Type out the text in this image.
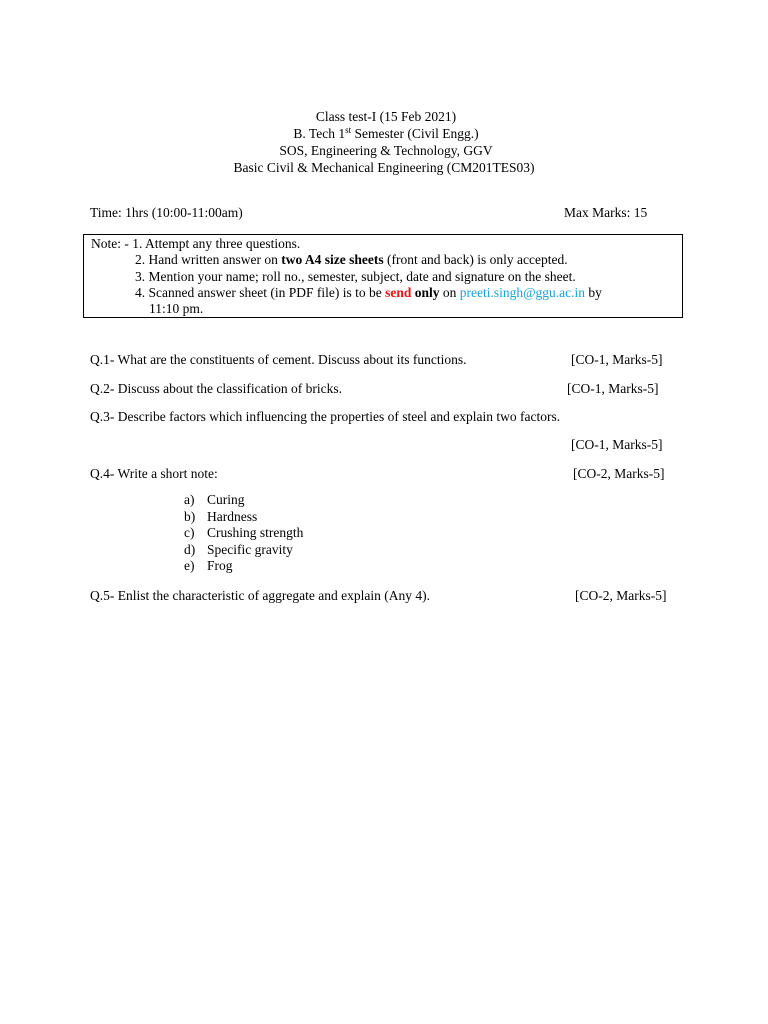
Class test-I (15 Feb 2021)
B. Tech 1st Semester (Civil Engg.)
SOS, Engineering & Technology, GGV
Basic Civil & Mechanical Engineering (CM201TES03)
Time: 1hrs (10:00-11:00am)	Max Marks: 15
Note: - 1. Attempt any three questions.
2. Hand written answer on two A4 size sheets (front and back) is only accepted.
3. Mention your name; roll no., semester, subject, date and signature on the sheet.
4. Scanned answer sheet (in PDF file) is to be send only on preeti.singh@ggu.ac.in by
11:10 pm.
Q.1- What are the constituents of cement. Discuss about its functions.	[CO-1, Marks-5]
Q.2- Discuss about the classification of bricks.	[CO-1, Marks-5]
Q.3- Describe factors which influencing the properties of steel and explain two factors.
[CO-1, Marks-5]
Q.4- Write a short note:	[CO-2, Marks-5]
a) Curing
b) Hardness
c) Crushing strength
d) Specific gravity
e) Frog
Q.5- Enlist the characteristic of aggregate and explain (Any 4).	[CO-2, Marks-5]
